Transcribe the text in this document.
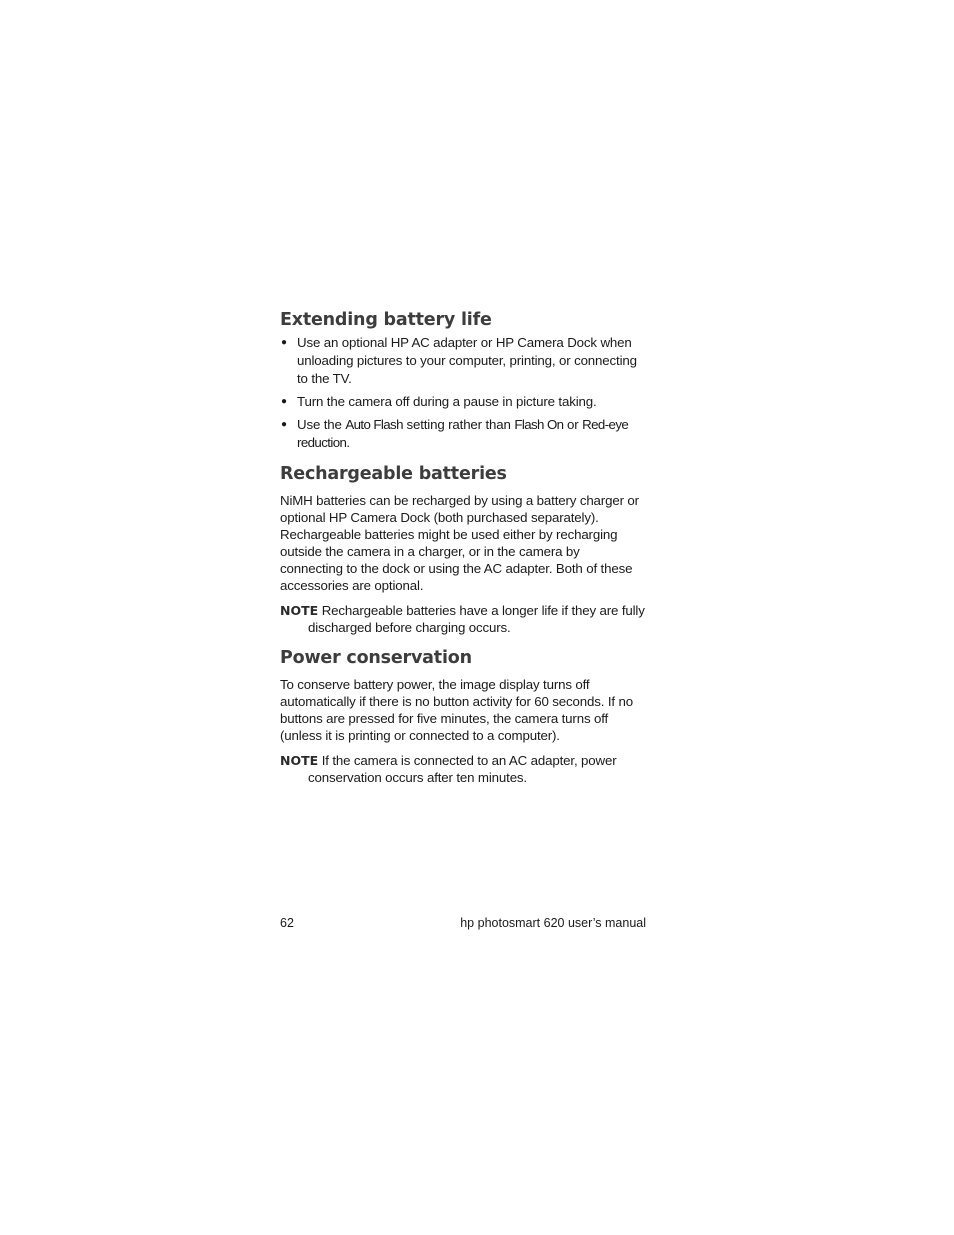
Extending battery life
● Use an optional HP AC adapter or HP Camera Dock when unloading pictures to your computer, printing, or connecting to the TV.
● Turn the camera off during a pause in picture taking.
● Use the Auto Flash setting rather than Flash On or Red-eye reduction.
Rechargeable batteries

NiMH batteries can be recharged by using a battery charger or optional HP Camera Dock (both purchased separately). Rechargeable batteries might be used either by recharging outside the camera in a charger, or in the camera by connecting to the dock or using the AC adapter. Both of these accessories are optional.

NOTE Rechargeable batteries have a longer life if they are fully discharged before charging occurs.

Power conservation

To conserve battery power, the image display turns off automatically if there is no button activity for 60 seconds. If no buttons are pressed for five minutes, the camera turns off (unless it is printing or connected to a computer).

NOTE If the camera is connected to an AC adapter, power conservation occurs after ten minutes.

62	hp photosmart 620 user’s manual
